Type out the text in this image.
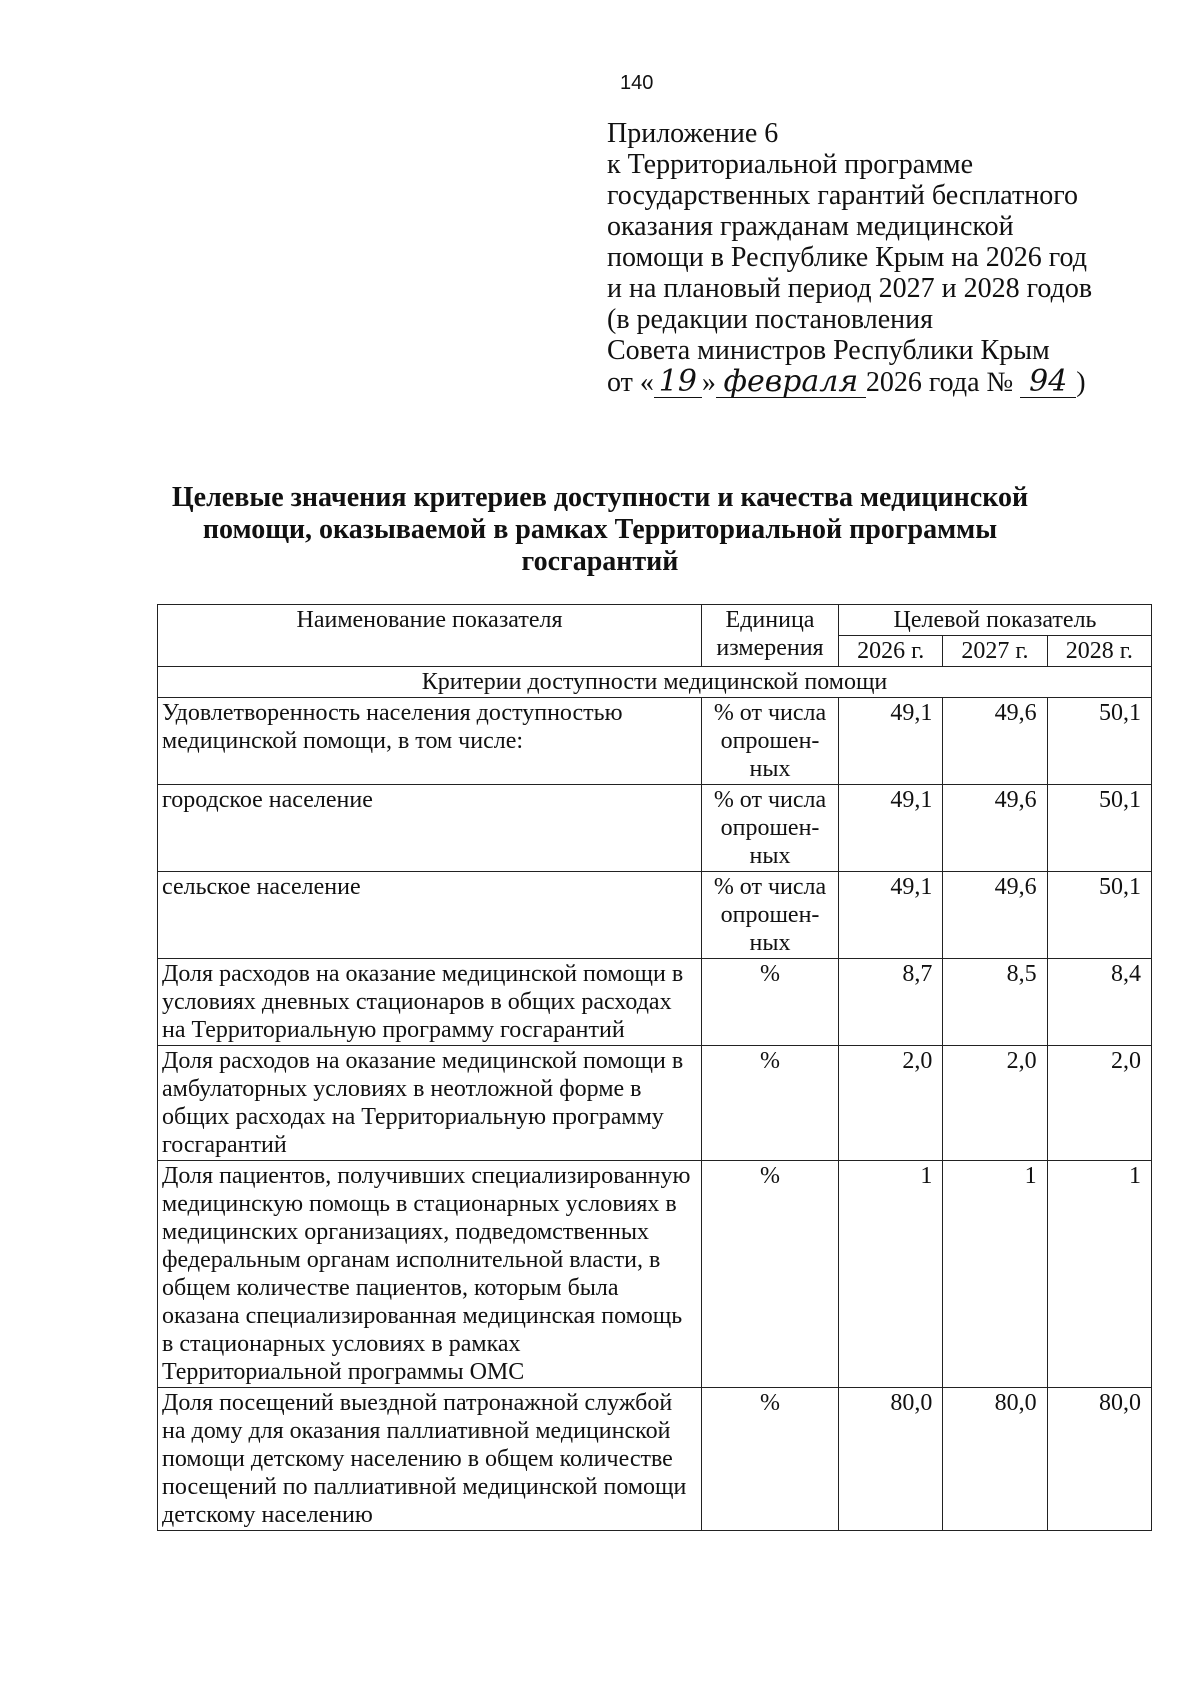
140
Приложение 6
к Территориальной программе
государственных гарантий бесплатного
оказания гражданам медицинской
помощи в Республике Крым на 2026 год
и на плановый период 2027 и 2028 годов
(в редакции постановления
Совета министров Республики Крым
от « 19 » февраля 2026 года № 94 )
Целевые значения критериев доступности и качества медицинской помощи, оказываемой в рамках Территориальной программы госгарантий
Наименование показателя	Единица измерения	Целевой показатель		
		2026 г.	2027 г.	2028 г.
Критерии доступности медицинской помощи				
Удовлетворенность населения доступностью медицинской помощи, в том числе:	% от числа опрошен-ных	49,1	49,6	50,1
городское население	% от числа опрошен-ных	49,1	49,6	50,1
сельское население	% от числа опрошен-ных	49,1	49,6	50,1
Доля расходов на оказание медицинской помощи в условиях дневных стационаров в общих расходах на Территориальную программу госгарантий	%	8,7	8,5	8,4
Доля расходов на оказание медицинской помощи в амбулаторных условиях в неотложной форме в общих расходах на Территориальную программу госгарантий	%	2,0	2,0	2,0
Доля пациентов, получивших специализированную медицинскую помощь в стационарных условиях в медицинских организациях, подведомственных федеральным органам исполнительной власти, в общем количестве пациентов, которым была оказана специализированная медицинская помощь в стационарных условиях в рамках Территориальной программы ОМС	%	1	1	1
Доля посещений выездной патронажной службой на дому для оказания паллиативной медицинской помощи детскому населению в общем количестве посещений по паллиативной медицинской помощи детскому населению	%	80,0	80,0	80,0
